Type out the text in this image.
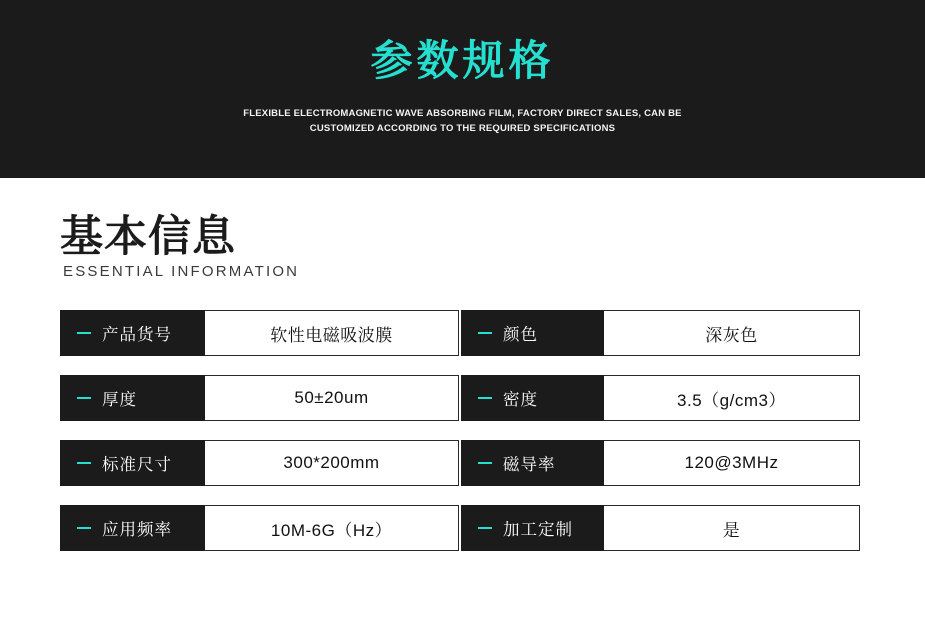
参数规格
FLEXIBLE ELECTROMAGNETIC WAVE ABSORBING FILM, FACTORY DIRECT SALES, CAN BE CUSTOMIZED ACCORDING TO THE REQUIRED SPECIFICATIONS
基本信息
ESSENTIAL INFORMATION
产品货号	软性电磁吸波膜	颜色	深灰色
厚度	50±20um	密度	3.5（g/cm3）
标准尺寸	300*200mm	磁导率	120@3MHz
应用频率	10M-6G（Hz）	加工定制	是
